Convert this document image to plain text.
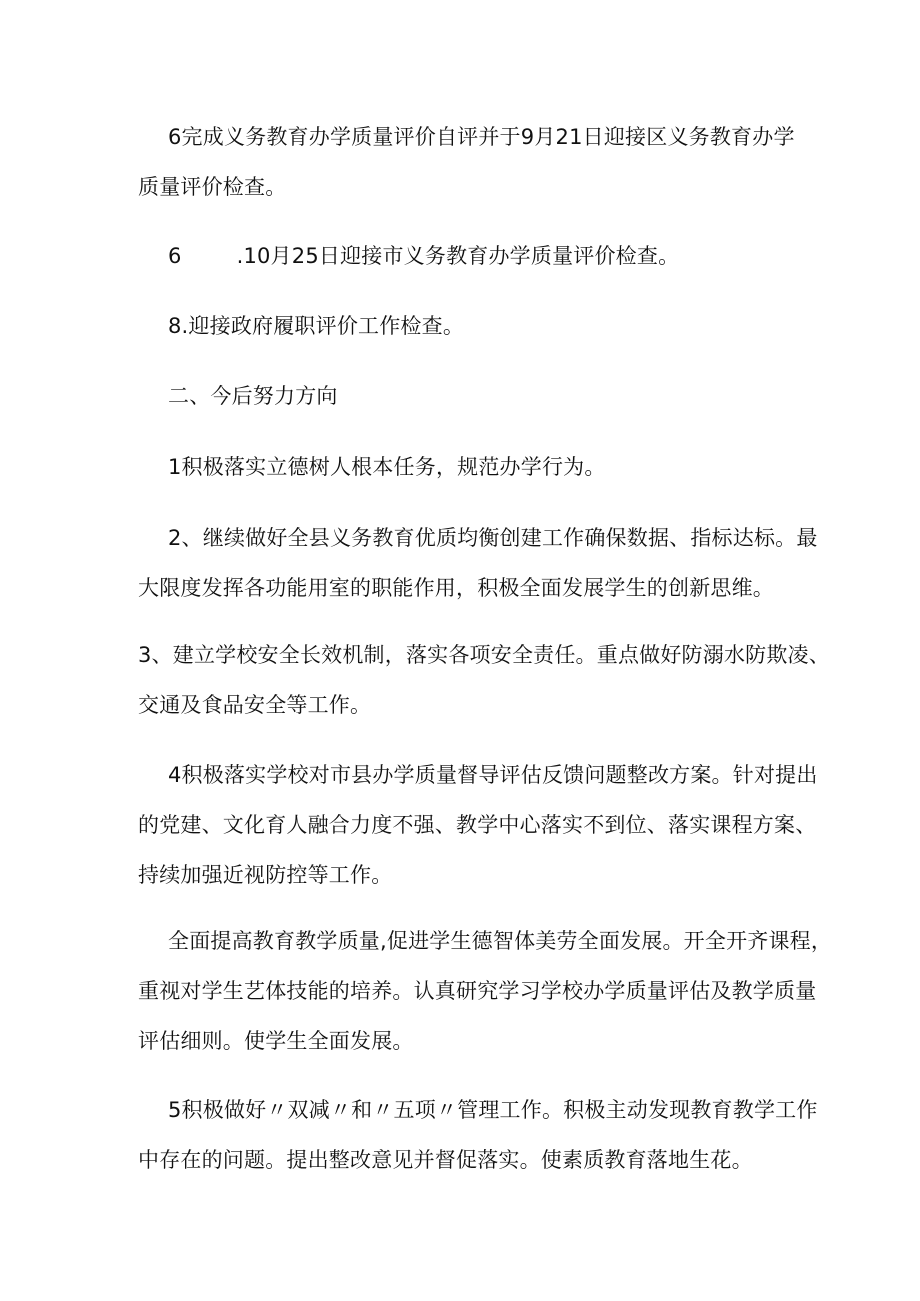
6完成义务教育办学质量评价自评并于9月21日迎接区义务教育办学
质量评价检查。
6        .10月25日迎接市义务教育办学质量评价检查。
8.迎接政府履职评价工作检查。
二、今后努力方向
1积极落实立德树人根本任务，规范办学行为。
2、继续做好全县义务教育优质均衡创建工作确保数据、指标达标。最
大限度发挥各功能用室的职能作用，积极全面发展学生的创新思维。
3、建立学校安全长效机制，落实各项安全责任。重点做好防溺水防欺凌、
交通及食品安全等工作。
4积极落实学校对市县办学质量督导评估反馈问题整改方案。针对提出
的党建、文化育人融合力度不强、教学中心落实不到位、落实课程方案、
持续加强近视防控等工作。
全面提高教育教学质量,促进学生德智体美劳全面发展。开全开齐课程，
重视对学生艺体技能的培养。认真研究学习学校办学质量评估及教学质量
评估细则。使学生全面发展。
5积极做好〃双减〃和〃五项〃管理工作。积极主动发现教育教学工作
中存在的问题。提出整改意见并督促落实。使素质教育落地生花。
